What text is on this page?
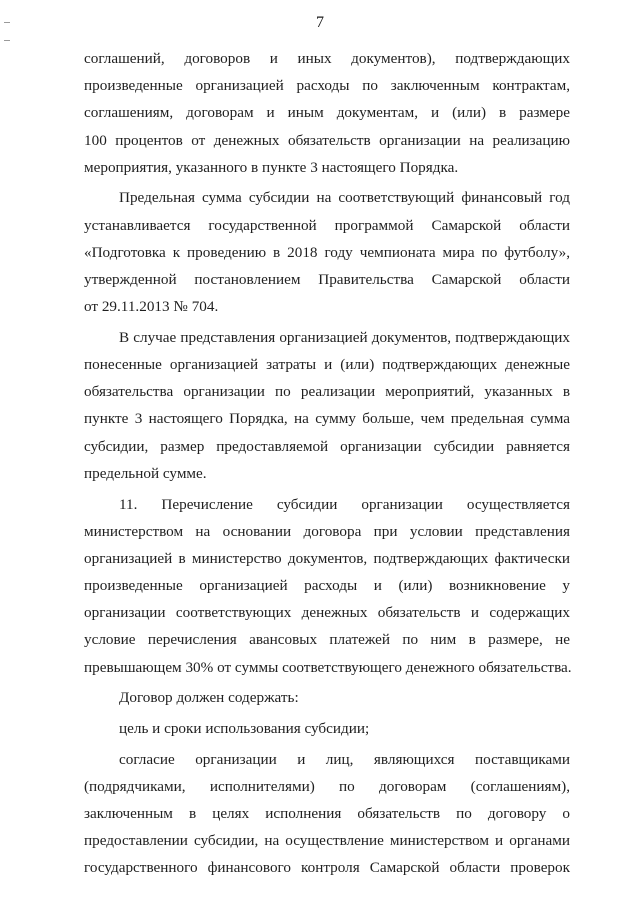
7
соглашений, договоров и иных документов), подтверждающих
произведенные организацией расходы по заключенным контрактам,
соглашениям, договорам и иным документам, и (или) в размере
100 процентов от денежных обязательств организации на реализацию
мероприятия, указанного в пункте 3 настоящего Порядка.
Предельная сумма субсидии на соответствующий финансовый год
устанавливается государственной программой Самарской области
«Подготовка к проведению в 2018 году чемпионата мира по футболу»,
утвержденной постановлением Правительства Самарской области
от 29.11.2013 № 704.
В случае представления организацией документов, подтверждающих
понесенные организацией затраты и (или) подтверждающих денежные
обязательства организации по реализации мероприятий, указанных в
пункте 3 настоящего Порядка, на сумму больше, чем предельная сумма
субсидии, размер предоставляемой организации субсидии равняется
предельной сумме.
11. Перечисление субсидии организации осуществляется
министерством на основании договора при условии представления
организацией в министерство документов, подтверждающих фактически
произведенные организацией расходы и (или) возникновение у
организации соответствующих денежных обязательств и содержащих
условие перечисления авансовых платежей по ним в размере, не
превышающем 30% от суммы соответствующего денежного обязательства.
Договор должен содержать:
цель и сроки использования субсидии;
согласие организации и лиц, являющихся поставщиками
(подрядчиками, исполнителями) по договорам (соглашениям),
заключенным в целях исполнения обязательств по договору о
предоставлении субсидии, на осуществление министерством и органами
государственного финансового контроля Самарской области проверок
